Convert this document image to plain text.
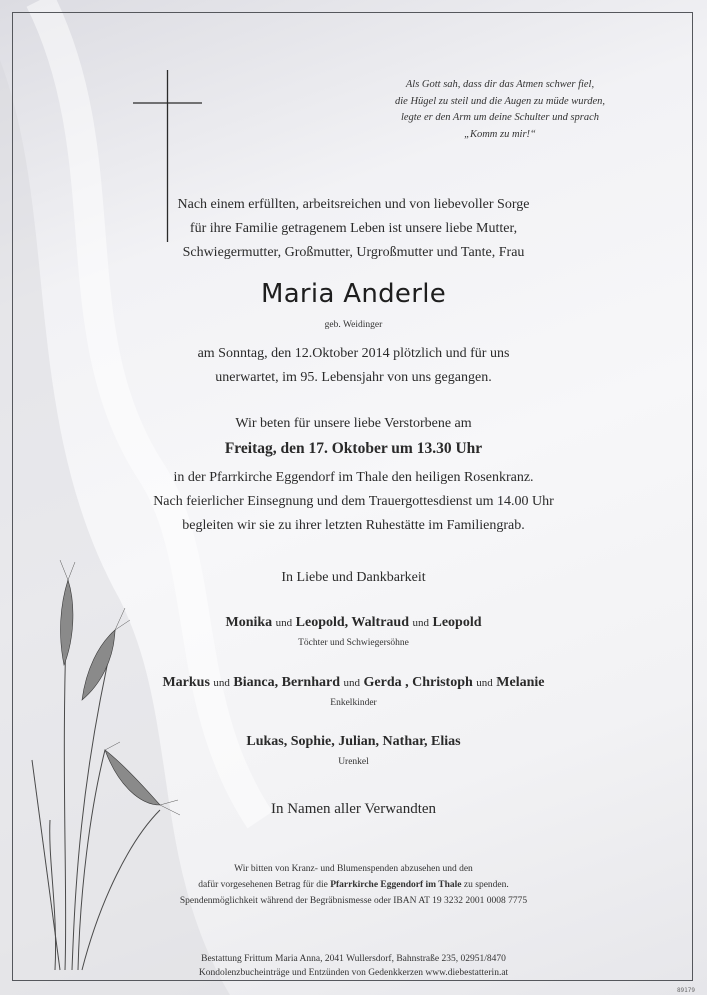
Als Gott sah, dass dir das Atmen schwer fiel,
die Hügel zu steil und die Augen zu müde wurden,
legte er den Arm um deine Schulter und sprach
„Komm zu mir!“
Nach einem erfüllten, arbeitsreichen und von liebevoller Sorge
für ihre Familie getragenem Leben ist unsere liebe Mutter,
Schwiegermutter, Großmutter, Urgroßmutter und Tante, Frau
Maria Anderle
geb. Weidinger
am Sonntag, den 12.Oktober 2014 plötzlich und für uns
unerwartet, im 95. Lebensjahr von uns gegangen.
Wir beten für unsere liebe Verstorbene am
Freitag, den 17. Oktober um 13.30 Uhr
in der Pfarrkirche Eggendorf im Thale den heiligen Rosenkranz.
Nach feierlicher Einsegnung und dem Trauergottesdienst um 14.00 Uhr
begleiten wir sie zu ihrer letzten Ruhestätte im Familiengrab.
In Liebe und Dankbarkeit
Monika und Leopold, Waltraud und Leopold
Töchter und Schwiegersöhne
Markus und Bianca, Bernhard und Gerda , Christoph und Melanie
Enkelkinder
Lukas, Sophie, Julian, Nathar, Elias
Urenkel
In Namen aller Verwandten
Wir bitten von Kranz- und Blumenspenden abzusehen und den
dafür vorgesehenen Betrag für die Pfarrkirche Eggendorf im Thale zu spenden.
Spendenmöglichkeit während der Begräbnismesse oder IBAN AT 19 3232 2001 0008 7775
Bestattung Frittum Maria Anna, 2041 Wullersdorf, Bahnstraße 235, 02951/8470
Kondolenzbucheinträge und Entzünden von Gedenkkerzen www.diebestatterin.at
89179
